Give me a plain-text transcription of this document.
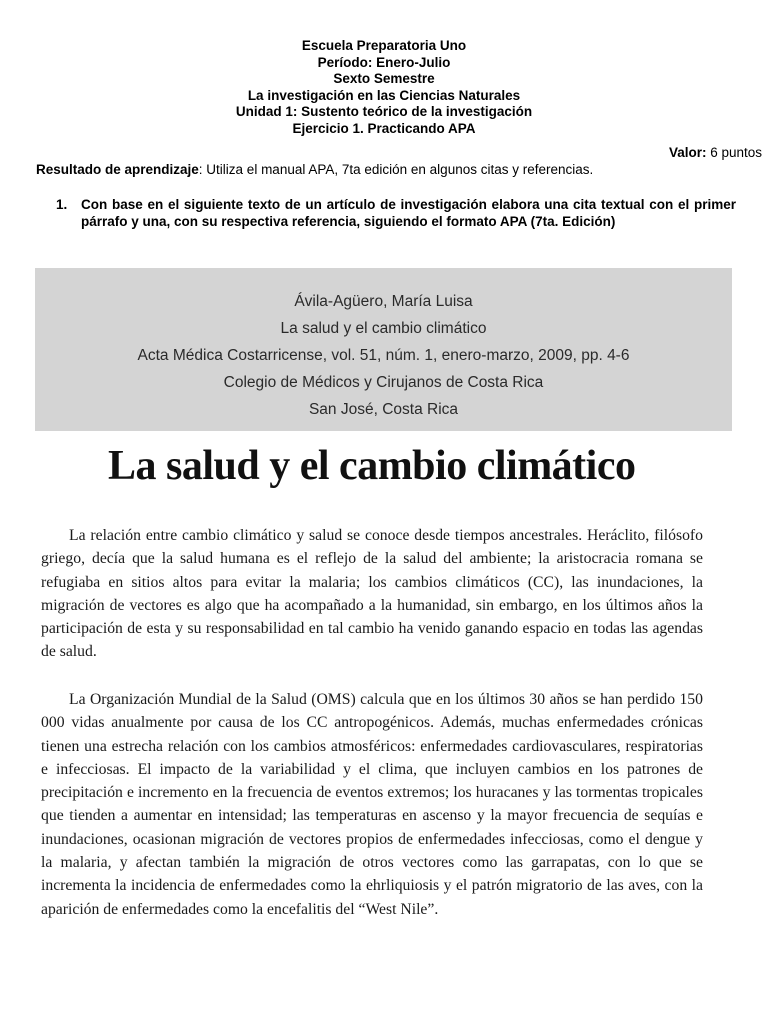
Escuela Preparatoria Uno
Período: Enero-Julio
Sexto Semestre
La investigación en las Ciencias Naturales
Unidad 1: Sustento teórico de la investigación
Ejercicio 1. Practicando APA
Valor: 6 puntos
Resultado de aprendizaje: Utiliza el manual APA, 7ta edición en algunos citas y referencias.
1.	Con base en el siguiente texto de un artículo de investigación elabora una cita textual con el primer párrafo y una, con su respectiva referencia, siguiendo el formato APA (7ta. Edición)
Ávila-Agüero, María Luisa
La salud y el cambio climático
Acta Médica Costarricense, vol. 51, núm. 1, enero-marzo, 2009, pp. 4-6
Colegio de Médicos y Cirujanos de Costa Rica
San José, Costa Rica
La salud y el cambio climático
La relación entre cambio climático y salud se conoce desde tiempos ancestrales. Heráclito, filósofo griego, decía que la salud humana es el reflejo de la salud del ambiente; la aristocracia romana se refugiaba en sitios altos para evitar la malaria; los cambios climáticos (CC), las inundaciones, la migración de vectores es algo que ha acompañado a la humanidad, sin embargo, en los últimos años la participación de esta y su responsabilidad en tal cambio ha venido ganando espacio en todas las agendas de salud.
La Organización Mundial de la Salud (OMS) calcula que en los últimos 30 años se han perdido 150 000 vidas anualmente por causa de los CC antropogénicos. Además, muchas enfermedades crónicas tienen una estrecha relación con los cambios atmosféricos: enfermedades cardiovasculares, respiratorias e infecciosas. El impacto de la variabilidad y el clima, que incluyen cambios en los patrones de precipitación e incremento en la frecuencia de eventos extremos; los huracanes y las tormentas tropicales que tienden a aumentar en intensidad; las temperaturas en ascenso y la mayor frecuencia de sequías e inundaciones, ocasionan migración de vectores propios de enfermedades infecciosas, como el dengue y la malaria, y afectan también la migración de otros vectores como las garrapatas, con lo que se incrementa la incidencia de enfermedades como la ehrliquiosis y el patrón migratorio de las aves, con la aparición de enfermedades como la encefalitis del “West Nile”.
